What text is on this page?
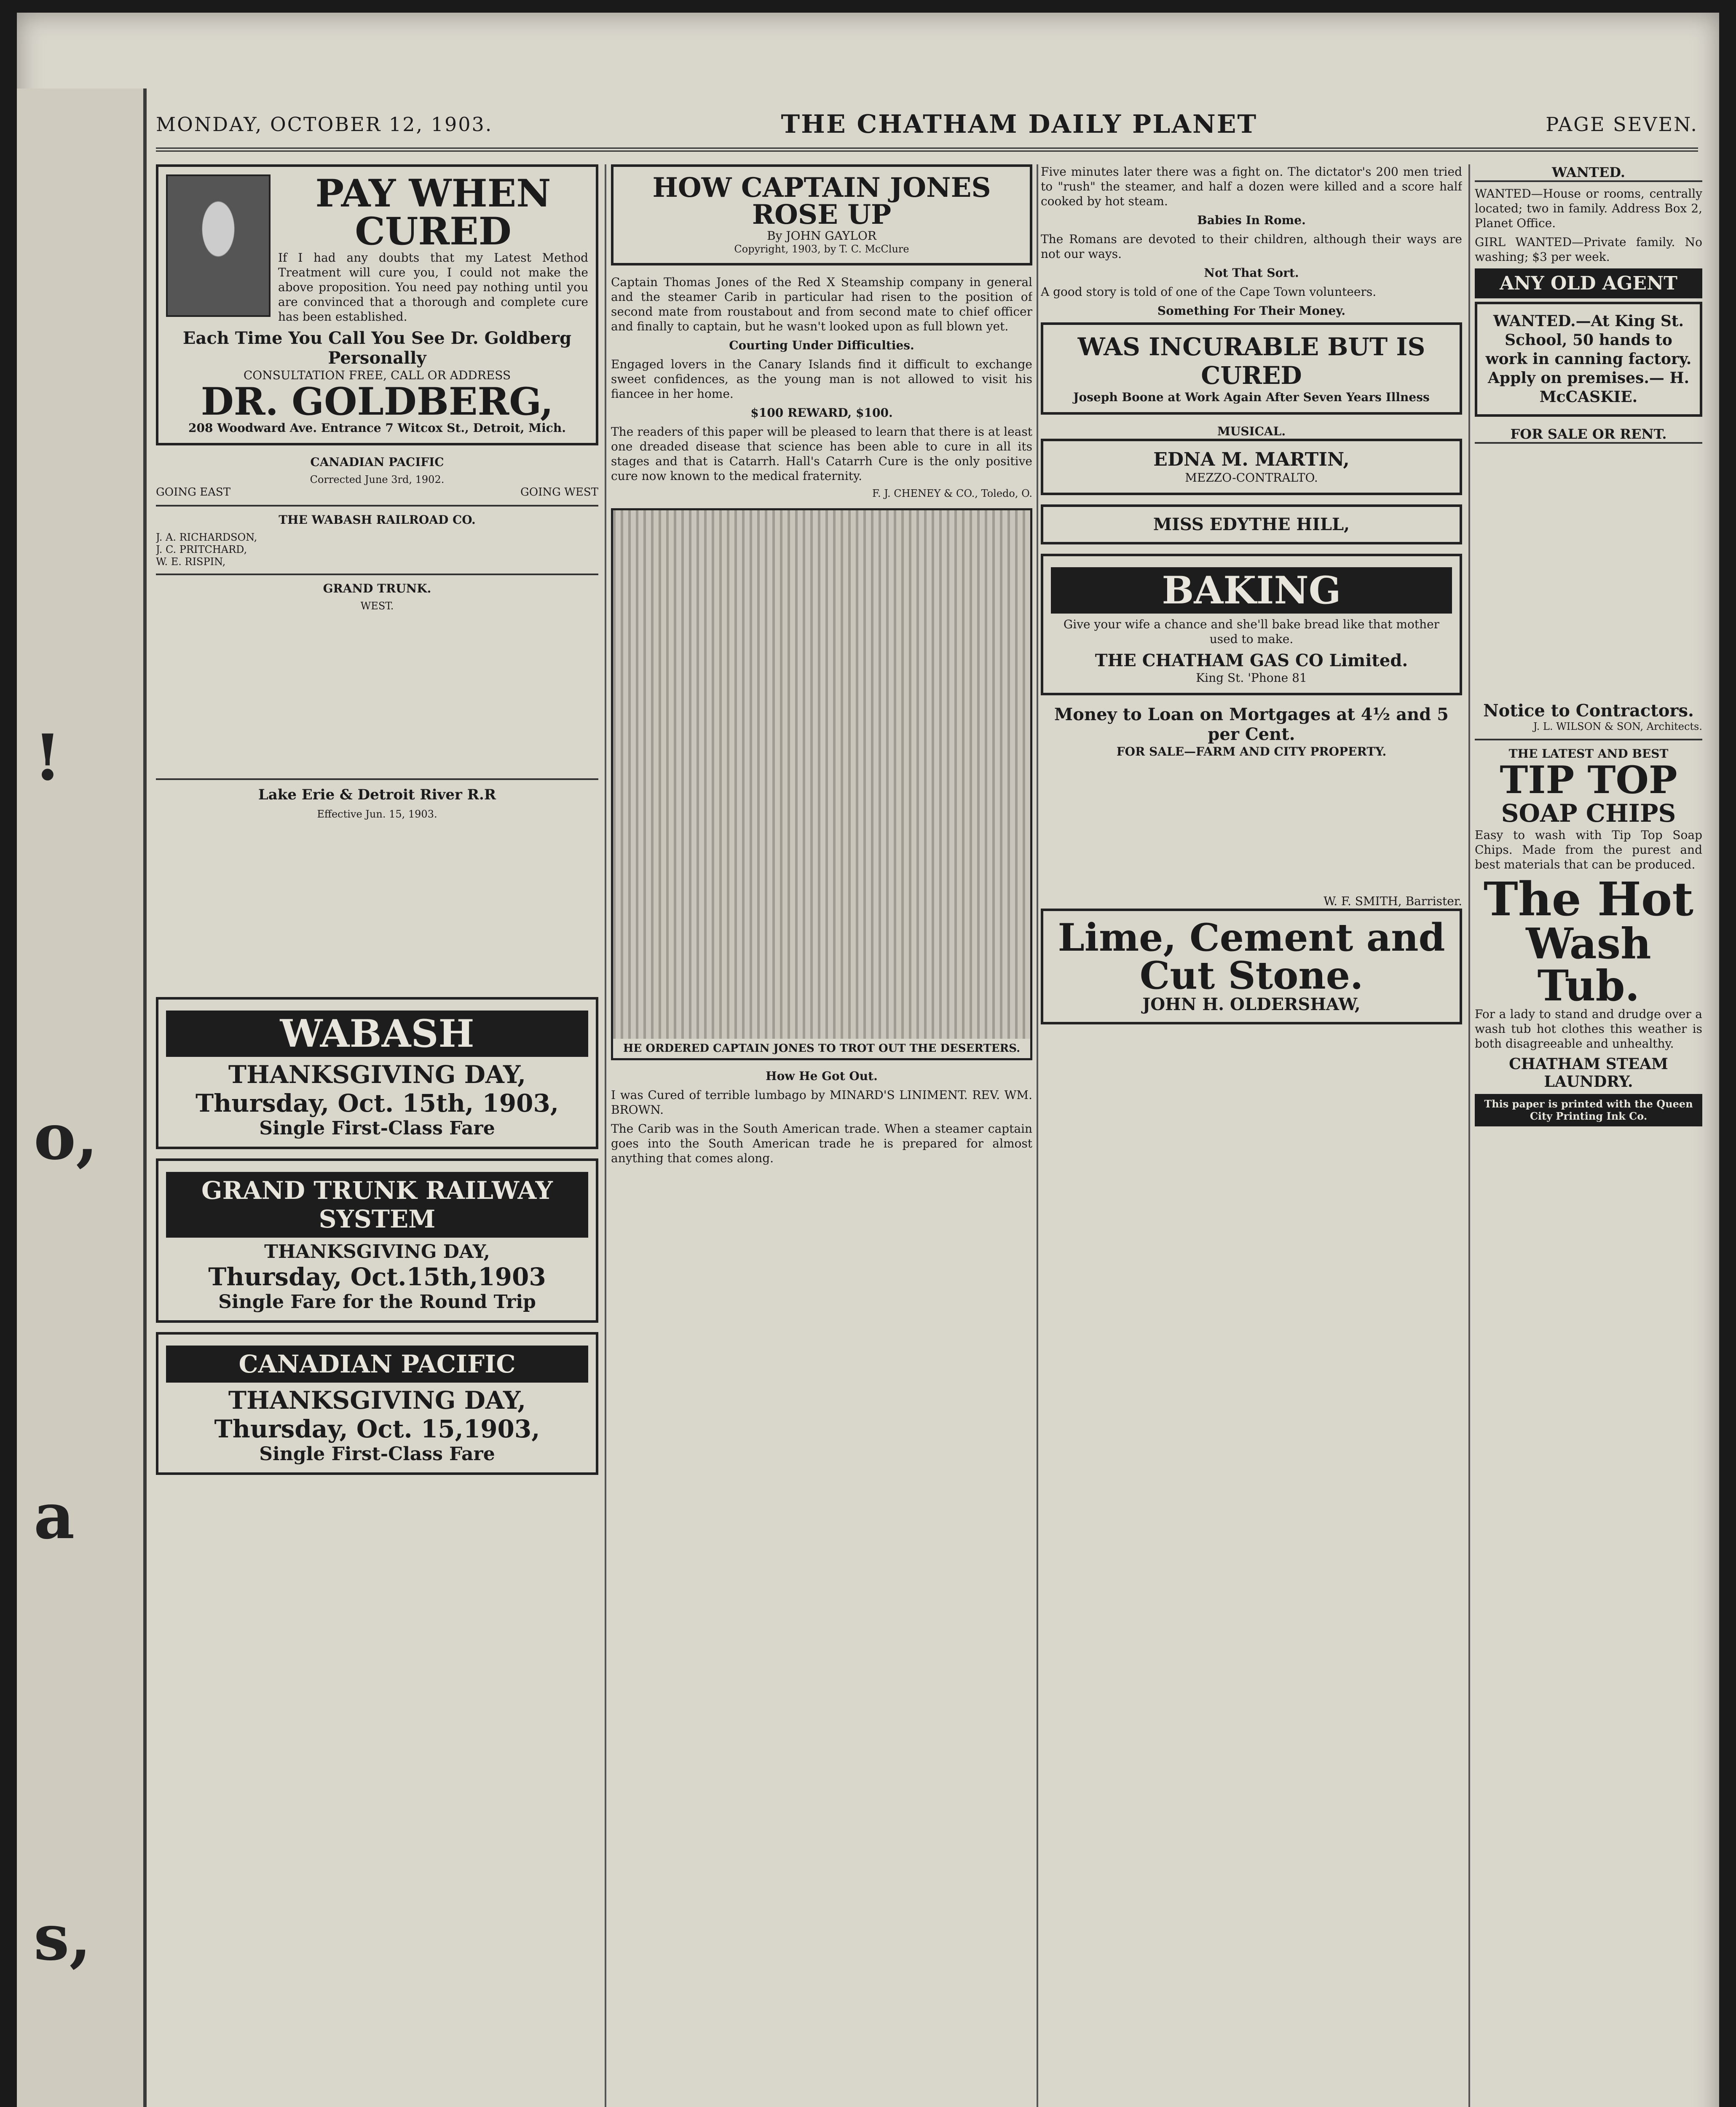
!
o,
a
s,
MONDAY, OCTOBER 12, 1903.	THE CHATHAM DAILY PLANET	PAGE SEVEN.
PAY WHEN CURED

If I had any doubts that my Latest Method Treatment will cure you, I could not make the above proposition. You need pay nothing until you are convinced that a thorough and complete cure has been established.

Each Time You Call You See Dr. Goldberg Personally
CONSULTATION FREE, CALL OR ADDRESS
DR. GOLDBERG,
208 Woodward Ave. Entrance 7 Witcox St., Detroit, Mich.
CANADIAN PACIFIC
Corrected June 3rd, 1902.
GOING EAST	GOING WEST
THE WABASH RAILROAD CO.
J. A. RICHARDSON,
J. C. PRITCHARD,
W. E. RISPIN,
GRAND TRUNK.
WEST.
Lake Erie & Detroit River R.R
Effective Jun. 15, 1903.
WABASH
THANKSGIVING DAY,
Thursday, Oct. 15th, 1903,
Single First-Class Fare
GRAND TRUNK RAILWAY SYSTEM
THANKSGIVING DAY,
Thursday, Oct.15th,1903
Single Fare for the Round Trip
CANADIAN PACIFIC
THANKSGIVING DAY,
Thursday, Oct. 15,1903,
Single First-Class Fare
HOW CAPTAIN JONES ROSE UP
By JOHN GAYLOR
Copyright, 1903, by T. C. McClure

Captain Thomas Jones of the Red X Steamship company in general and the steamer Carib in particular had risen to the position of second mate from roustabout and from second mate to chief officer and finally to captain, but he wasn't looked upon as full blown yet.

Courting Under Difficulties.

Engaged lovers in the Canary Islands find it difficult to exchange sweet confidences, as the young man is not allowed to visit his fiancee in her home.

$100 REWARD, $100.

The readers of this paper will be pleased to learn that there is at least one dreaded disease that science has been able to cure in all its stages and that is Catarrh. Hall's Catarrh Cure is the only positive cure now known to the medical fraternity.

F. J. CHENEY & CO., Toledo, O.
HE ORDERED CAPTAIN JONES TO TROT OUT THE DESERTERS.
How He Got Out.

I was Cured of terrible lumbago by MINARD'S LINIMENT. REV. WM. BROWN.

The Carib was in the South American trade. When a steamer captain goes into the South American trade he is prepared for almost anything that comes along.

Five minutes later there was a fight on. The dictator's 200 men tried to "rush" the steamer, and half a dozen were killed and a score half cooked by hot steam.

Babies In Rome.

The Romans are devoted to their children, although their ways are not our ways.

Not That Sort.

A good story is told of one of the Cape Town volunteers.

Something For Their Money.
WAS INCURABLE BUT IS CURED
Joseph Boone at Work Again After Seven Years Illness
MUSICAL.
EDNA M. MARTIN,
MEZZO-CONTRALTO.
MISS EDYTHE HILL,
BAKING

Give your wife a chance and she'll bake bread like that mother used to make.

THE CHATHAM GAS CO Limited.
King St. 'Phone 81
Money to Loan on Mortgages at 4½ and 5 per Cent.
FOR SALE—FARM AND CITY PROPERTY.
W. F. SMITH, Barrister.
Lime, Cement and Cut Stone.
JOHN H. OLDERSHAW,
WANTED.

WANTED—House or rooms, centrally located; two in family. Address Box 2, Planet Office.

GIRL WANTED—Private family. No washing; $3 per week.

ANY OLD AGENT
WANTED.—At King St. School, 50 hands to work in canning factory. Apply on premises.— H. McCASKIE.
FOR SALE OR RENT.
Notice to Contractors.
J. L. WILSON & SON, Architects.
THE LATEST AND BEST
TIP TOP
SOAP CHIPS

Easy to wash with Tip Top Soap Chips. Made from the purest and best materials that can be produced.

The Hot
Wash Tub.

For a lady to stand and drudge over a wash tub hot clothes this weather is both disagreeable and unhealthy.

CHATHAM STEAM LAUNDRY.
This paper is printed with the Queen City Printing Ink Co.
